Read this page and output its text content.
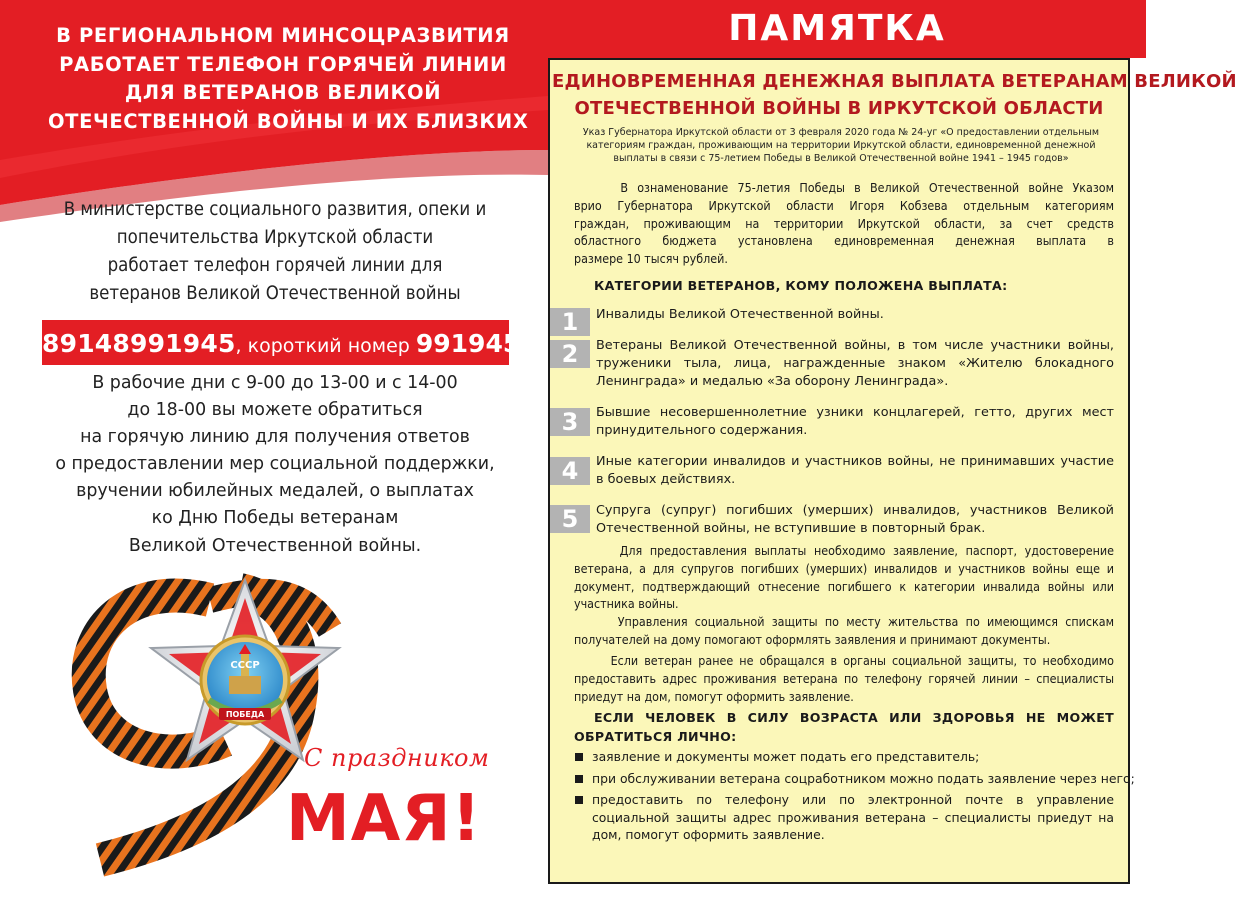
В РЕГИОНАЛЬНОМ МИНСОЦРАЗВИТИЯ
РАБОТАЕТ ТЕЛЕФОН ГОРЯЧЕЙ ЛИНИИ
ДЛЯ ВЕТЕРАНОВ ВЕЛИКОЙ
ОТЕЧЕСТВЕННОЙ ВОЙНЫ И ИХ БЛИЗКИХ
В министерстве социального развития, опеки и
попечительства Иркутской области
работает телефон горячей линии для
ветеранов Великой Отечественной войны
89148991945, короткий номер 991945
В рабочие дни с 9-00 до 13-00 и с 14-00
до 18-00 вы можете обратиться
на горячую линию для получения ответов
о предоставлении мер социальной поддержки,
вручении юбилейных медалей, о выплатах
ко Дню Победы ветеранам
Великой Отечественной войны.
ПОБЕДА
СССР
С праздником
МАЯ!
ПАМЯТКА
ЕДИНОВРЕМЕННАЯ ДЕНЕЖНАЯ ВЫПЛАТА ВЕТЕРАНАМ ВЕЛИКОЙ
ОТЕЧЕСТВЕННОЙ ВОЙНЫ В ИРКУТСКОЙ ОБЛАСТИ
Указ Губернатора Иркутской области от 3 февраля 2020 года № 24-уг «О предоставлении отдельным
категориям граждан, проживающим на территории Иркутской области, единовременной денежной
выплаты в связи с 75-летием Победы в Великой Отечественной войне 1941 – 1945 годов»
В ознаменование 75-летия Победы в Великой Отечественной войне Указом
врио Губернатора Иркутской области Игоря Кобзева отдельным категориям
граждан, проживающим на территории Иркутской области, за счет средств
областного бюджета установлена единовременная денежная выплата в
размере 10 тысяч рублей.
КАТЕГОРИИ ВЕТЕРАНОВ, КОМУ ПОЛОЖЕНА ВЫПЛАТА:
1	Инвалиды Великой Отечественной войны.
2	Ветераны Великой Отечественной войны, в том числе участники войны,
труженики тыла, лица, награжденные знаком «Жителю блокадного
Ленинграда» и медалью «За оборону Ленинграда».
3	Бывшие несовершеннолетние узники концлагерей, гетто, других мест
принудительного содержания.
4	Иные категории инвалидов и участников войны, не принимавших участие
в боевых действиях.
5	Супруга (супруг) погибших (умерших) инвалидов, участников Великой
Отечественной войны, не вступившие в повторный брак.
Для предоставления выплаты необходимо заявление, паспорт, удостоверение
ветерана, а для супругов погибших (умерших) инвалидов и участников войны еще и
документ, подтверждающий отнесение погибшего к категории инвалида войны или
участника войны.
Управления социальной защиты по месту жительства по имеющимся спискам
получателей на дому помогают оформлять заявления и принимают документы.
Если ветеран ранее не обращался в органы социальной защиты, то необходимо
предоставить адрес проживания ветерана по телефону горячей линии – специалисты
приедут на дом, помогут оформить заявление.
ЕСЛИ ЧЕЛОВЕК В СИЛУ ВОЗРАСТА ИЛИ ЗДОРОВЬЯ НЕ МОЖЕТ
ОБРАТИТЬСЯ ЛИЧНО:
заявление и документы может подать его представитель;
при обслуживании ветерана соцработником можно подать заявление через него;
предоставить по телефону или по электронной почте в управление
социальной защиты адрес проживания ветерана – специалисты приедут на
дом, помогут оформить заявление.
